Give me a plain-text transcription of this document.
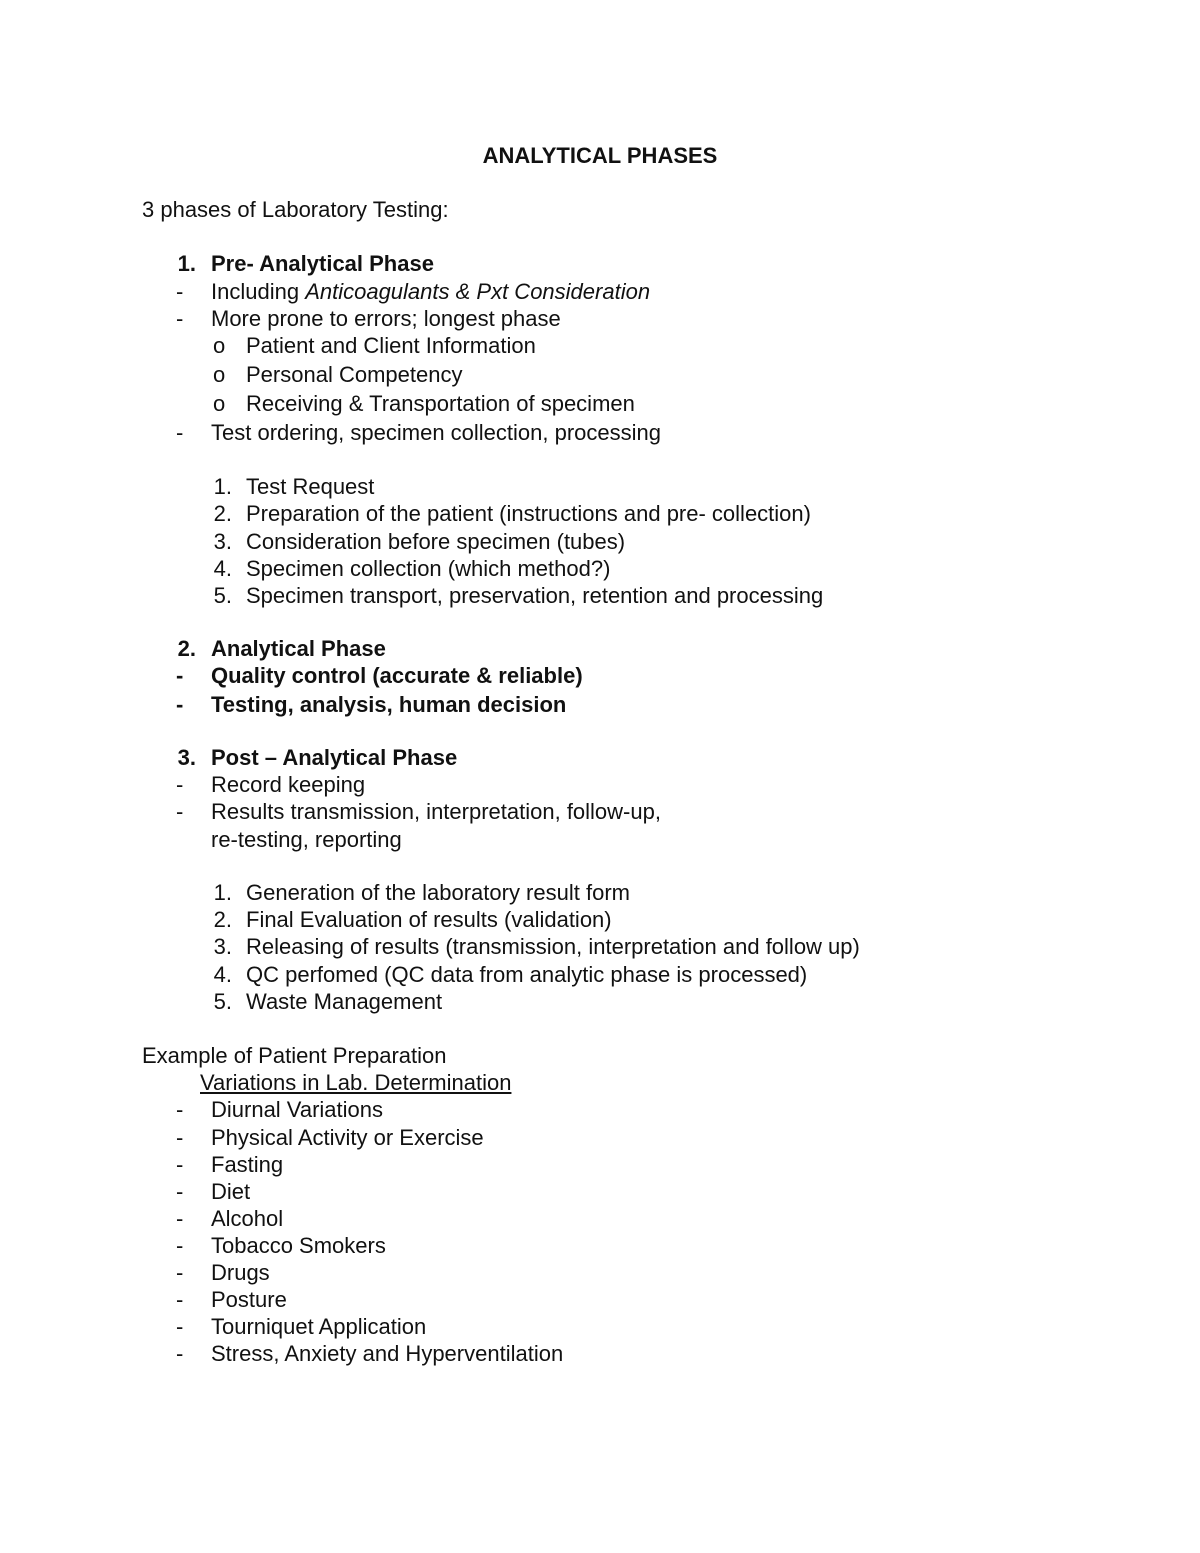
ANALYTICAL PHASES
3 phases of Laboratory Testing:
1. Pre- Analytical Phase
- Including Anticoagulants & Pxt Consideration
- More prone to errors; longest phase
o Patient and Client Information
o Personal Competency
o Receiving & Transportation of specimen
- Test ordering, specimen collection, processing
1. Test Request
2. Preparation of the patient (instructions and pre- collection)
3. Consideration before specimen (tubes)
4. Specimen collection (which method?)
5. Specimen transport, preservation, retention and processing
2. Analytical Phase
- Quality control (accurate & reliable)
- Testing, analysis, human decision
3. Post – Analytical Phase
- Record keeping
- Results transmission, interpretation, follow-up,
re-testing, reporting
1. Generation of the laboratory result form
2. Final Evaluation of results (validation)
3. Releasing of results (transmission, interpretation and follow up)
4. QC perfomed (QC data from analytic phase is processed)
5. Waste Management
Example of Patient Preparation
Variations in Lab. Determination
- Diurnal Variations
- Physical Activity or Exercise
- Fasting
- Diet
- Alcohol
- Tobacco Smokers
- Drugs
- Posture
- Tourniquet Application
- Stress, Anxiety and Hyperventilation
